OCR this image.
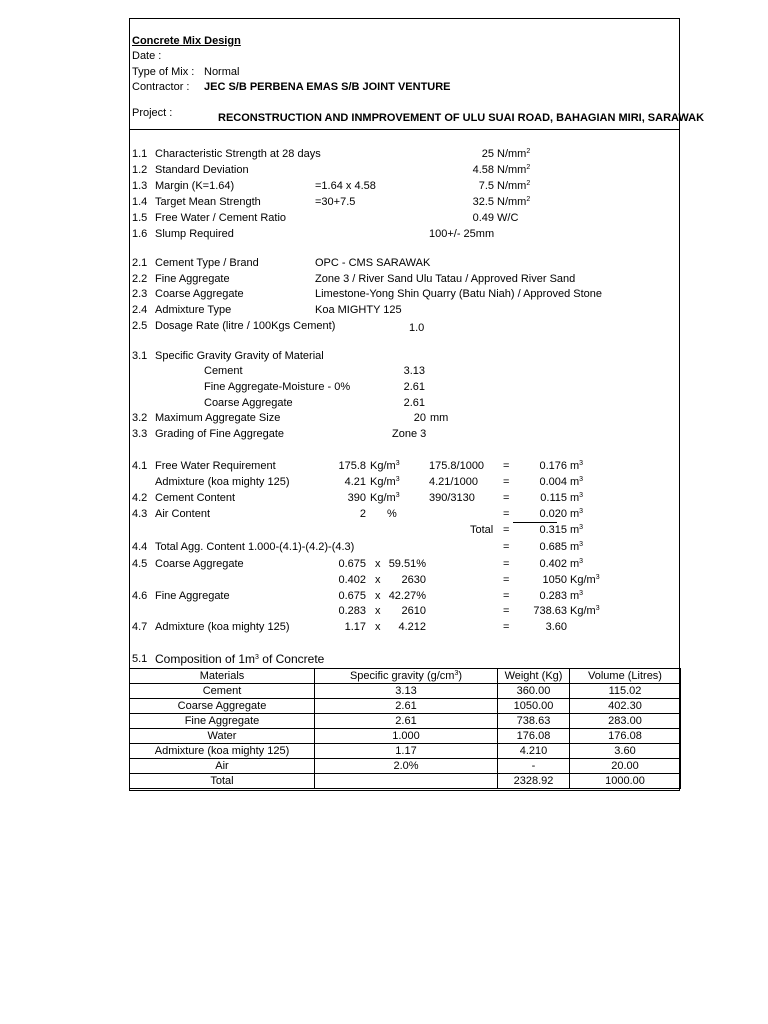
Concrete Mix Design
Date :
Type of Mix : Normal
Contractor : JEC S/B PERBENA EMAS S/B JOINT VENTURE
Project :	RECONSTRUCTION AND INMPROVEMENT OF ULU SUAI ROAD, BAHAGIAN MIRI, SARAWAK
1.1 Characteristic Strength at 28 days	25 $N/mm^2$
1.2 Standard Deviation	4.58 $N/mm^2$
1.3 Margin (K=1.64)	=1.64 x 4.58	7.5 $N/mm^2$
1.4 Target Mean Strength	=30+7.5	32.5 $N/mm^2$
1.5 Free Water / Cement Ratio	0.49 W/C
1.6 Slump Required	100+/- 25mm
2.1 Cement Type / Brand	OPC - CMS SARAWAK
2.2 Fine Aggregate	Zone 3 / River Sand Ulu Tatau / Approved River Sand
2.3 Coarse Aggregate	Limestone-Yong Shin Quarry (Batu Niah) / Approved Stone
2.4 Admixture Type	Koa MIGHTY 125
2.5 Dosage Rate (litre / 100Kgs Cement)	1.0
3.1 Specific Gravity Gravity of Material
Cement	3.13
Fine Aggregate-Moisture - 0%	2.61
Coarse Aggregate	2.61
3.2 Maximum Aggregate Size	20 mm
3.3 Grading of Fine Aggregate	Zone 3
4.1 Free Water Requirement	175.8 $Kg/m^3$	175.8/1000 =	0.176 $m^3$
Admixture (koa mighty 125)	4.21 $Kg/m^3$	4.21/1000 =	0.004 $m^3$
4.2 Cement Content	390 $Kg/m^3$	390/3130	=	0.115 $m^3$
4.3 Air Content	2 %	=	0.020 $m^3$
Total =	0.315 $m^3$
4.4 Total Agg. Content 1.000-(4.1)-(4.2)-(4.3)	=	0.685 $m^3$
4.5 Coarse Aggregate	0.675 x 59.51%	=	0.402 $m^3$
0.402 x	2630	=	1050 $Kg/m^3$
4.6 Fine Aggregate	0.675 x 42.27%	=	0.283 $m^3$
0.283 x	2610	=	738.63 $Kg/m^3$
4.7 Admixture (koa mighty 125)	1.17 x	4.212	=	3.60
5.1 Composition of $1m^3$ of Concrete
Materials	Specific gravity $(g/cm^3)$	Weight (Kg)	Volume (Litres)
Cement	3.13	360.00	115.02
Coarse Aggregate	2.61	1050.00	402.30
Fine Aggregate	2.61	738.63	283.00
Water	1.000	176.08	176.08
Admixture (koa mighty 125)	1.17	4.210	3.60
Air	2.0%	-	20.00
Total		2328.92	1000.00
